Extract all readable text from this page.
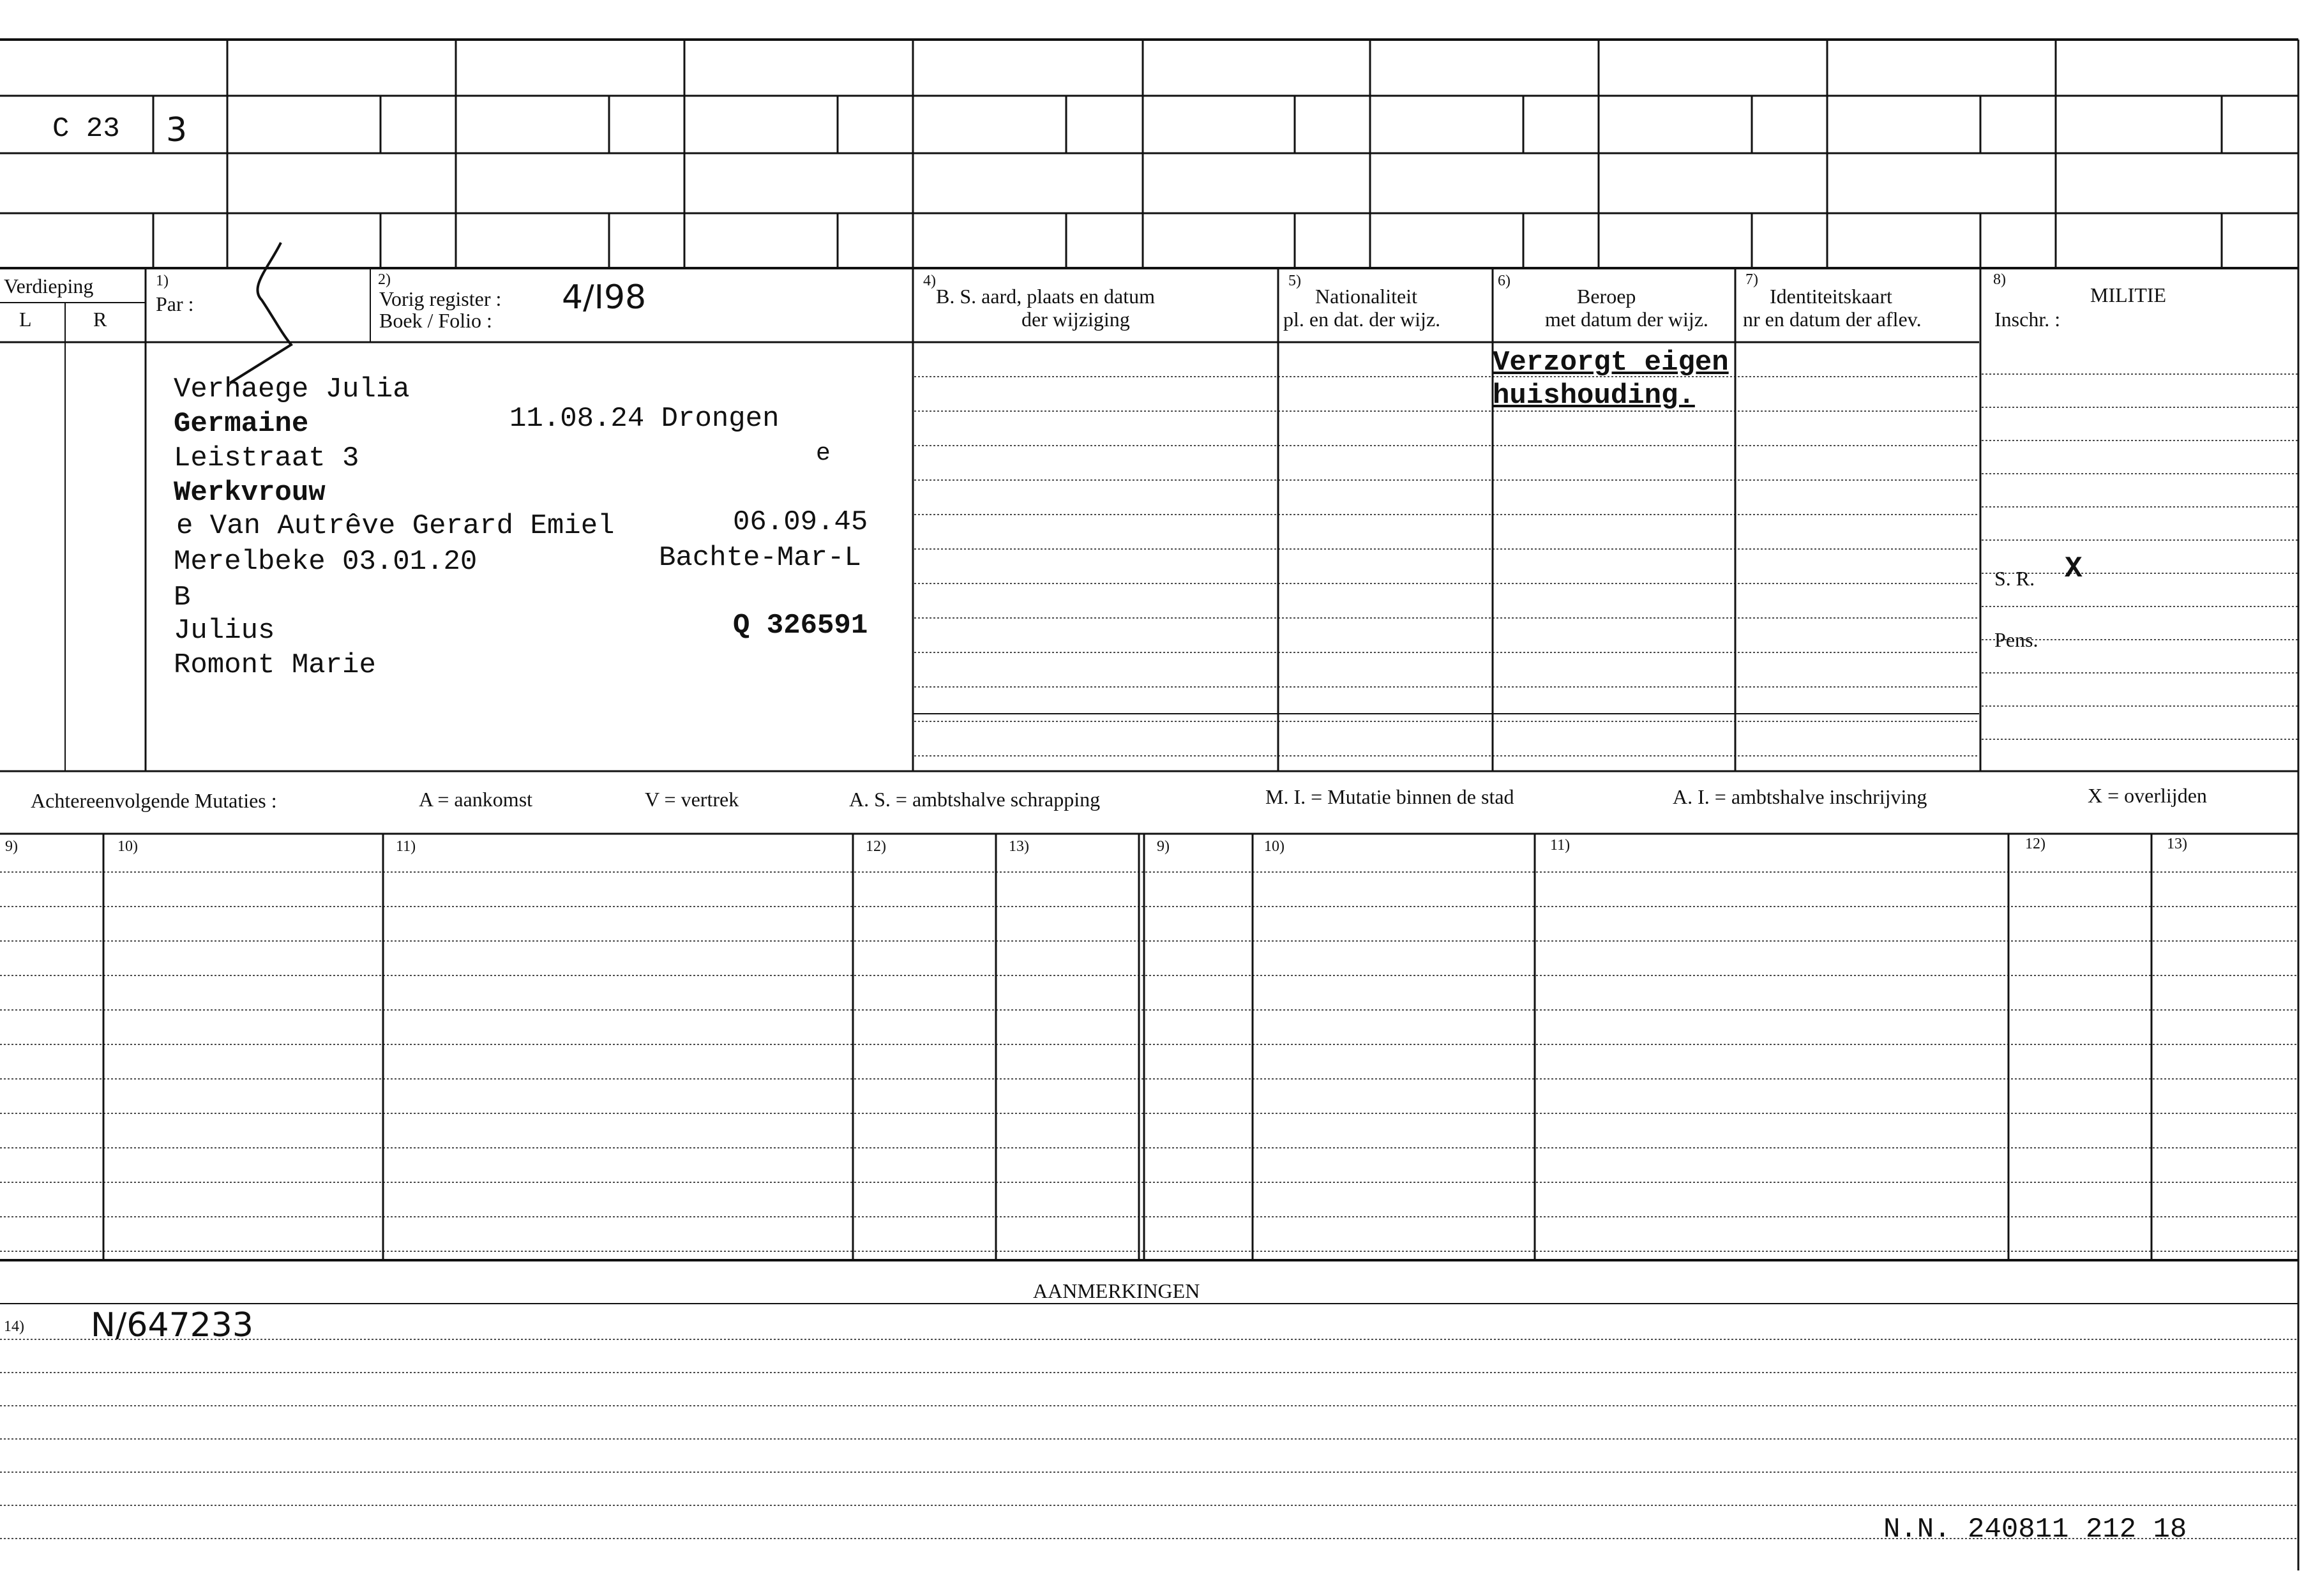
C 23 3
Verdieping
L	R
1)
Par :
2)
Vorig register : 4/I98
Boek / Folio :
4)
B. S. aard, plaats en datum
der wijziging
5)
Nationaliteit
pl. en dat. der wijz.
6)
Beroep
met datum der wijz.
7)
Identiteitskaart
nr en datum der aflev.
8)
MILITIE
Inschr. :
S. R. X
Pens.
Verhaege Julia
Germaine	11.08.24 Drongen
Leistraat 3	e
Werkvrouw
e Van Autrêve Gerard Emiel	06.09.45
Merelbeke 03.01.20	Bachte-Mar-L
B
Julius	Q 326591
Romont Marie
Verzorgt eigen
huishouding.
Achtereenvolgende Mutaties :	A = aankomst	V = vertrek	A. S. = ambtshalve schrapping	M. I. = Mutatie binnen de stad	A. I. = ambtshalve inschrijving	X = overlijden
9)	10)	11)	12)	13)	9)	10)	11)	12)	13)
AANMERKINGEN
14) N/647233
N.N. 240811 212 18
